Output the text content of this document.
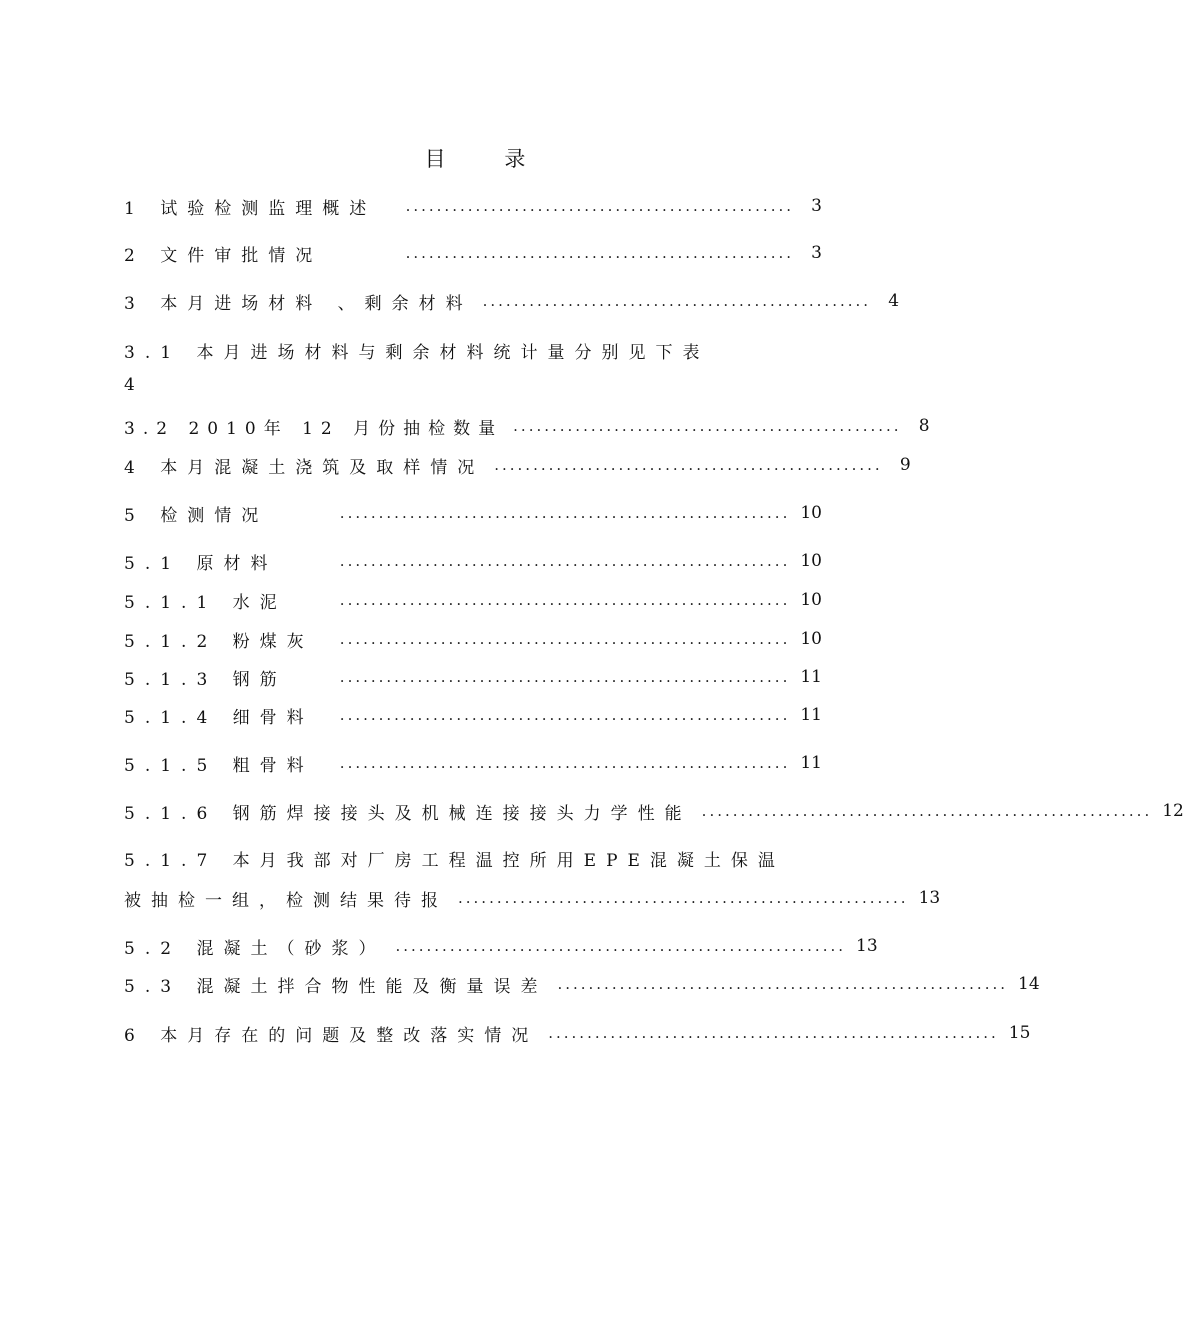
目 录
1 试验检测监理概述	..................................................	3
2 文件审批情况	..................................................	3
3 本月进场材料 、剩余材料 ..................................................	4
3.1 本月进场材料与剩余材料统计量分别见下表
4
3.2 2010年 12 月份抽检数量 ..................................................	8
4 本月混凝土浇筑及取样情况 ..................................................	9
5 检测情况	.......................................................... 10
5.1 原材料	.......................................................... 10
5.1.1 水泥	.......................................................... 10
5.1.2 粉煤灰	.......................................................... 10
5.1.3 钢筋	.......................................................... 11
5.1.4 细骨料	.......................................................... 11
5.1.5 粗骨料	.......................................................... 11
5.1.6 钢筋焊接接头及机械连接接头力学性能 .......................................................... 12
5.1.7 本月我部对厂房工程温控所用EPE混凝土保温
被抽检一组，检测结果待报 .......................................................... 13
5.2 混凝土（砂浆） .......................................................... 13
5.3 混凝土拌合物性能及衡量误差 .......................................................... 14
6 本月存在的问题及整改落实情况 .......................................................... 15
